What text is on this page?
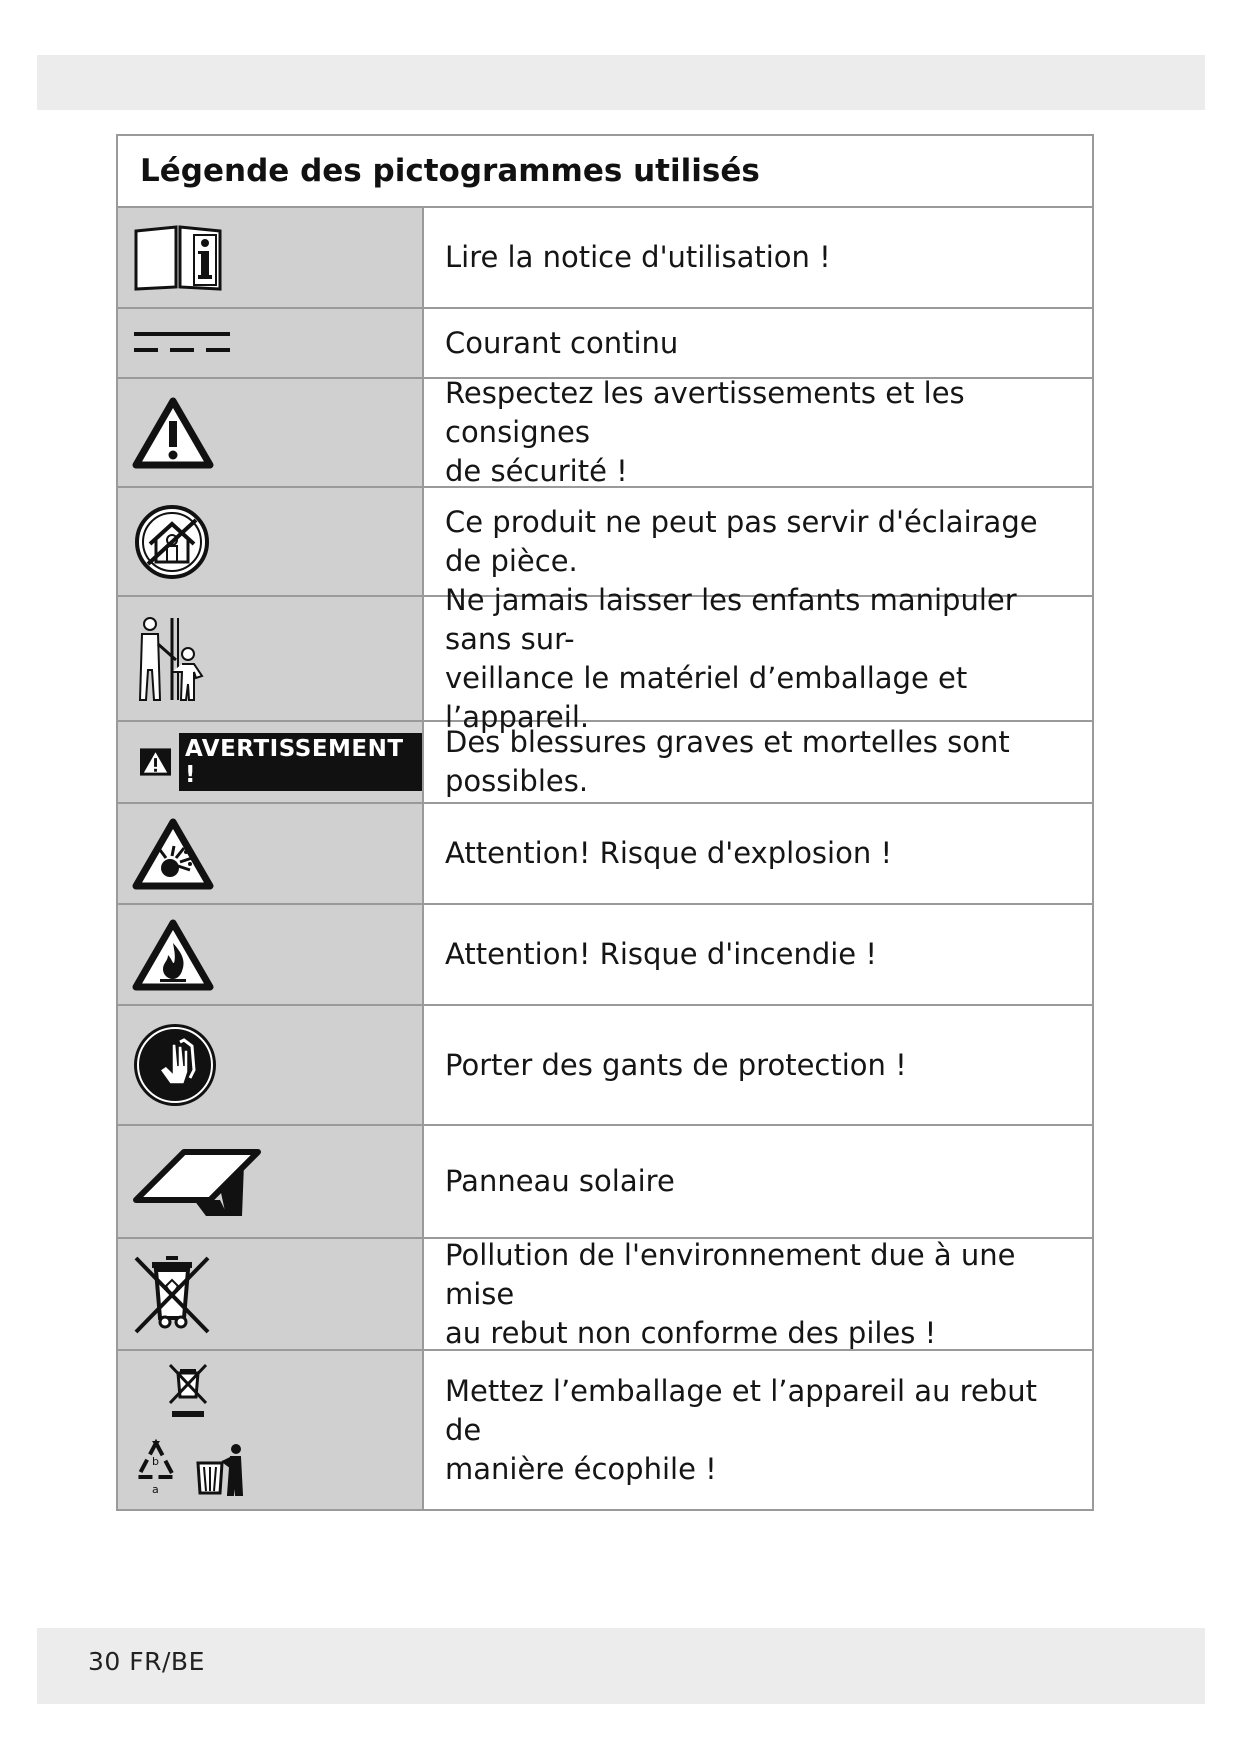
Légende des pictogrammes utilisés
Lire la notice d'utilisation !
Courant continu
Respectez les avertissements et les consignes
de sécurité !
Ce produit ne peut pas servir d'éclairage
de pièce.
Ne jamais laisser les enfants manipuler sans sur-
veillance le matériel d’emballage et l’appareil.
AVERTISSEMENT !
Des blessures graves et mortelles sont possibles.
Attention! Risque d'explosion !
Attention! Risque d'incendie !
Porter des gants de protection !
Panneau solaire
Pollution de l'environnement due à une mise
au rebut non conforme des piles !
b
a
Mettez l’emballage et l’appareil au rebut de
manière écophile !
30 FR/BE
